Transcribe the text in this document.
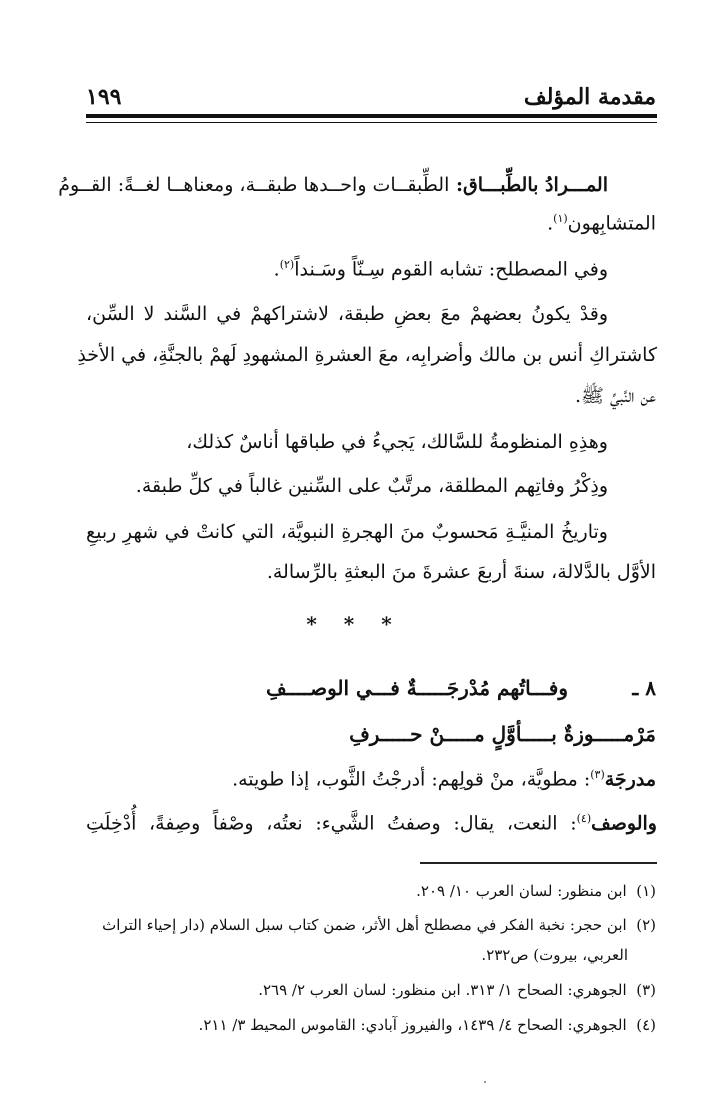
مقدمة المؤلف
١٩٩
المـــرادُ بالطِّبـــاق: الطِّبقــات واحــدها طبقــة، ومعناهــا لغــةً: القــومُ
المتشابِهون$^{(١)}$.
وفي المصطلح: تشابه القوم سِـنّاً وسَـنداً$^{(٢)}$.
وقدْ يكونُ بعضهمْ معَ بعضِ طبقة، لاشتراكهمْ في السَّند لا السِّن،
كاشتراكِ أنس بن مالك وأضرابِه، معَ العشرةِ المشهودِ لَهمْ بالجنَّةِ، في الأخذِ
عن النَّبيِّ ﷺ.
وهذِهِ المنظومةُ للسَّالك، يَجيءُ في طباقها أناسٌ كذلك،
وذِكْرُ وفاتِهم المطلقة، مرتَّبٌ على السِّنين غالباً في كلِّ طبقة.
وتاريخُ المنيَّـةِ مَحسوبٌ منَ الهجرةِ النبويَّة، التي كانتْ في شهرِ ربيعِ
الأوَّل بالدَّلالة، سنةَ أربعَ عشرةَ منَ البعثةِ بالرِّسالة.
* * *
٨ ـ
وفـــاتُهم مُدْرجَـــــةٌ فـــي الوصــــفِ
مَرْمـــــوزةٌ بـــــأوَّلٍ مـــــنْ حـــــرفِ
مدرجَة$^{(٣)}$: مطويَّة، منْ قولِهم: أدرجْتُ الثَّوب، إذا طويته.
والوصف$^{(٤)}$: النعت، يقال: وصفتُ الشَّيء: نعتُه، وصْفاً وصِفةً، أُدْخِلَتِ
(١)  ابن منظور: لسان العرب ١٠/ ٢٠٩.
(٢)  ابن حجر: نخبة الفكر في مصطلح أهل الأثر، ضمن كتاب سبل السلام (دار إحياء التراث
العربي، بيروت) ص٢٣٢.
(٣)  الجوهري: الصحاح ١/ ٣١٣. ابن منظور: لسان العرب ٢/ ٢٦٩.
(٤)  الجوهري: الصحاح ٤/ ١٤٣٩، والفيروز آبادي: القاموس المحيط ٣/ ٢١١.
